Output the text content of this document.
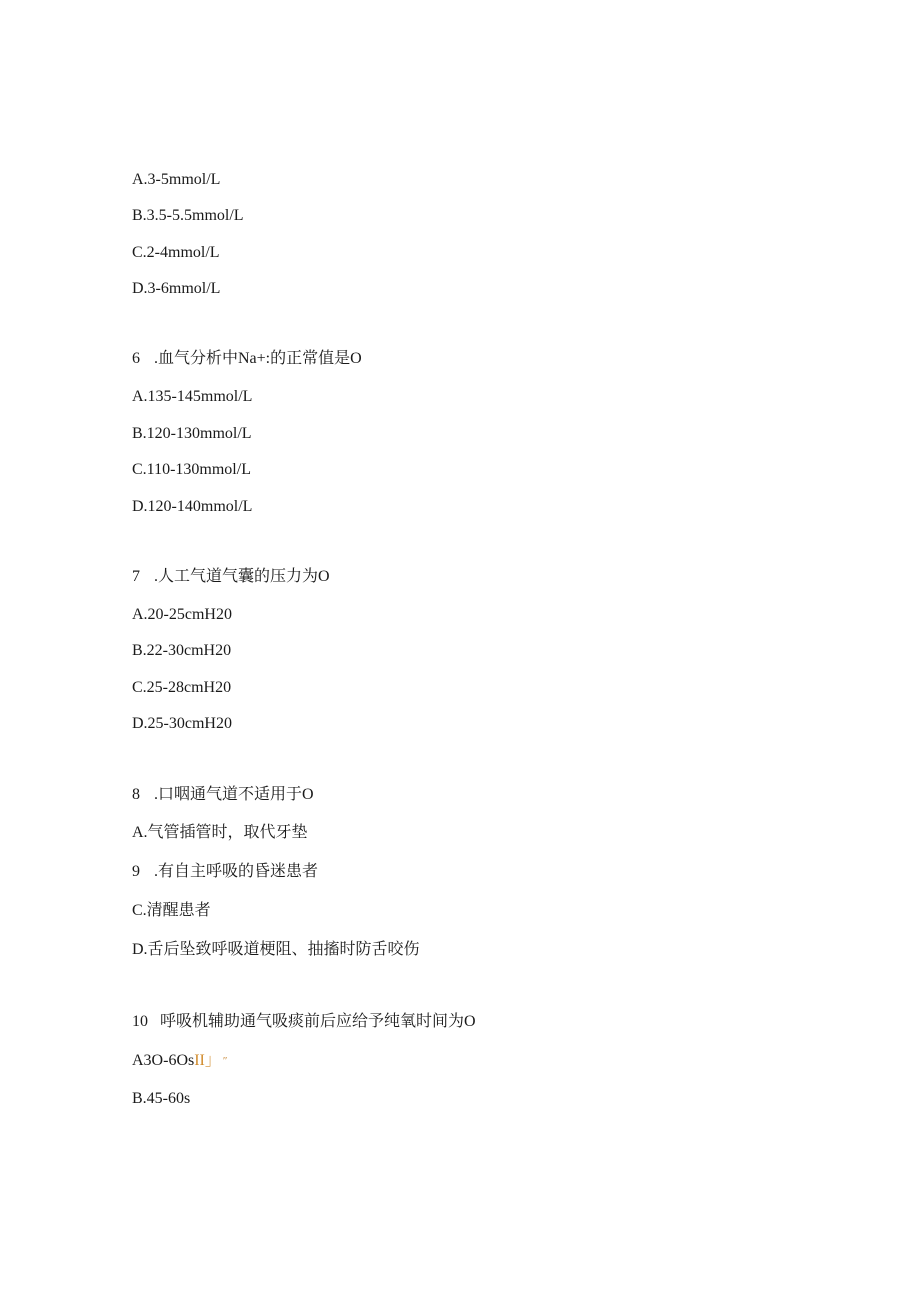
A.3-5mmol/L
B.3.5-5.5mmol/L
C.2-4mmol/L
D.3-6mmol/L
6 .血气分析中Na+:的正常值是O
A.135-145mmol/L
B.120-130mmol/L
C.110-130mmol/L
D.120-140mmol/L
7 .人工气道气囊的压力为O
A.20-25cmH20
B.22-30cmH20
C.25-28cmH20
D.25-30cmH20
8 .口咽通气道不适用于O
A.气管插管时，取代牙垫
9 .有自主呼吸的昏迷患者
C.清醒患者
D.舌后坠致呼吸道梗阻、抽搐时防舌咬伤
10 呼吸机辅助通气吸痰前后应给予纯氧时间为O
A3O-6OsII」 ″
B.45-60s
